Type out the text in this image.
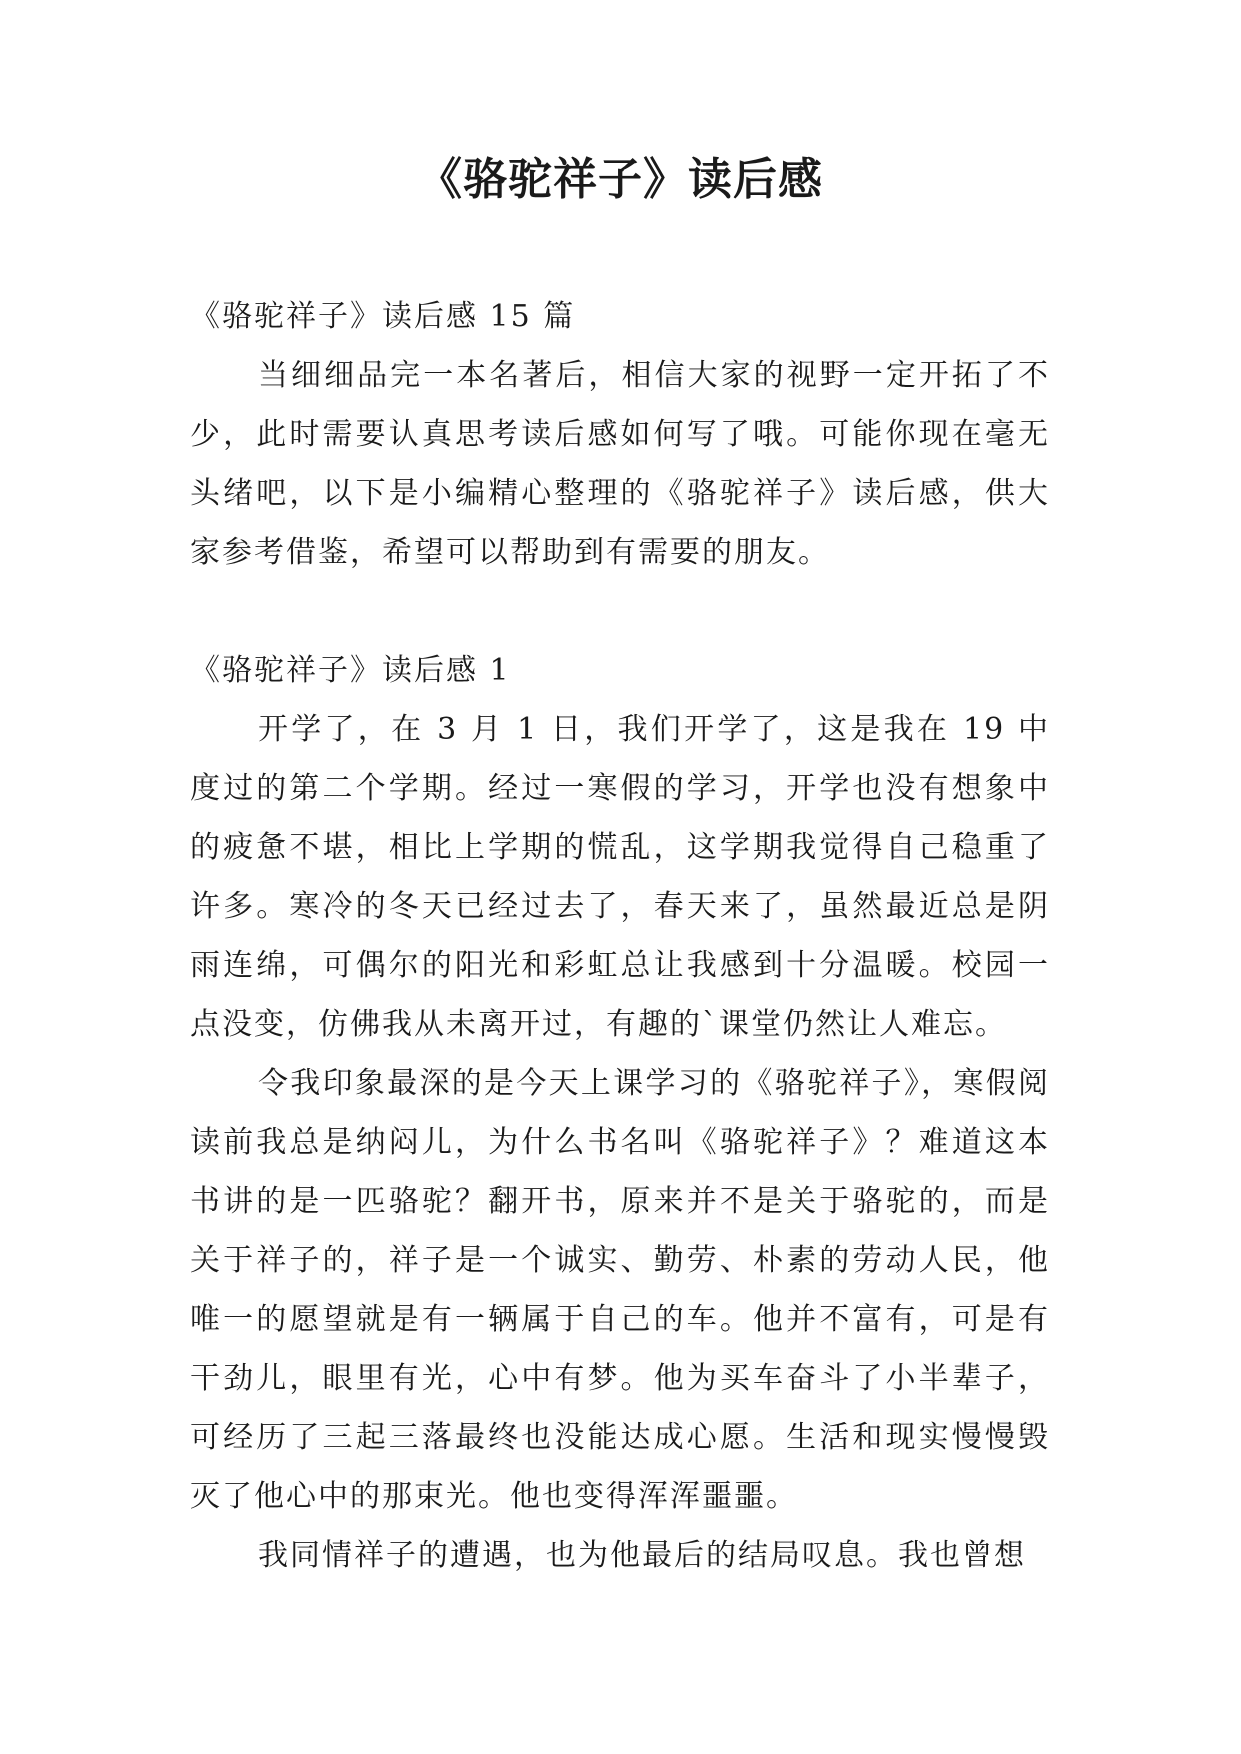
《骆驼祥子》读后感

《骆驼祥子》读后感 15 篇

当细细品完一本名著后，相信大家的视野一定开拓了不少，此时需要认真思考读后感如何写了哦。可能你现在毫无头绪吧，以下是小编精心整理的《骆驼祥子》读后感，供大家参考借鉴，希望可以帮助到有需要的朋友。

《骆驼祥子》读后感 1

开学了，在 3 月 1 日，我们开学了，这是我在 19 中度过的第二个学期。经过一寒假的学习，开学也没有想象中的疲惫不堪，相比上学期的慌乱，这学期我觉得自己稳重了许多。寒冷的冬天已经过去了，春天来了，虽然最近总是阴雨连绵，可偶尔的阳光和彩虹总让我感到十分温暖。校园一点没变，仿佛我从未离开过，有趣的`课堂仍然让人难忘。

令我印象最深的是今天上课学习的《骆驼祥子》，寒假阅读前我总是纳闷儿，为什么书名叫《骆驼祥子》？难道这本书讲的是一匹骆驼？翻开书，原来并不是关于骆驼的，而是关于祥子的，祥子是一个诚实、勤劳、朴素的劳动人民，他唯一的愿望就是有一辆属于自己的车。他并不富有，可是有干劲儿，眼里有光，心中有梦。他为买车奋斗了小半辈子，可经历了三起三落最终也没能达成心愿。生活和现实慢慢毁灭了他心中的那束光。他也变得浑浑噩噩。

我同情祥子的遭遇，也为他最后的结局叹息。我也曾想
